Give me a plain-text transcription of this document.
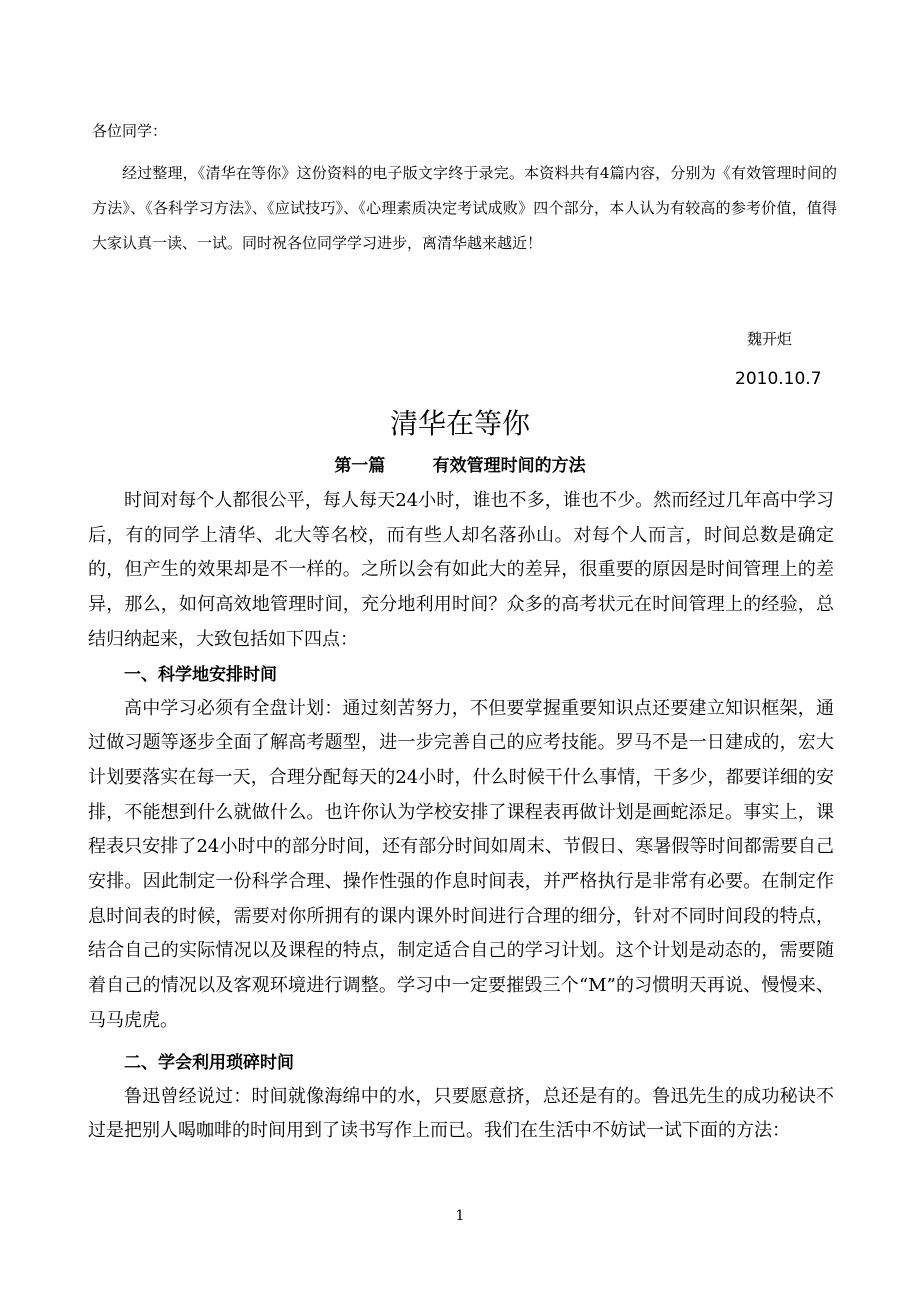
各位同学：

经过整理，《清华在等你》这份资料的电子版文字终于录完。本资料共有4篇内容，分别为《有效管理时间的方法》、《各科学习方法》、《应试技巧》、《心理素质决定考试成败》四个部分，本人认为有较高的参考价值，值得大家认真一读、一试。同时祝各位同学学习进步，离清华越来越近！

魏开炬
2010.10.7
清华在等你
第一篇        有效管理时间的方法

时间对每个人都很公平，每人每天24小时，谁也不多，谁也不少。然而经过几年高中学习后，有的同学上清华、北大等名校，而有些人却名落孙山。对每个人而言，时间总数是确定的，但产生的效果却是不一样的。之所以会有如此大的差异，很重要的原因是时间管理上的差异，那么，如何高效地管理时间，充分地利用时间？众多的高考状元在时间管理上的经验，总结归纳起来，大致包括如下四点：

一、科学地安排时间

高中学习必须有全盘计划：通过刻苦努力，不但要掌握重要知识点还要建立知识框架，通过做习题等逐步全面了解高考题型，进一步完善自己的应考技能。罗马不是一日建成的，宏大计划要落实在每一天，合理分配每天的24小时，什么时候干什么事情，干多少，都要详细的安排，不能想到什么就做什么。也许你认为学校安排了课程表再做计划是画蛇添足。事实上，课程表只安排了24小时中的部分时间，还有部分时间如周末、节假日、寒暑假等时间都需要自己安排。因此制定一份科学合理、操作性强的作息时间表，并严格执行是非常有必要。在制定作息时间表的时候，需要对你所拥有的课内课外时间进行合理的细分，针对不同时间段的特点，结合自己的实际情况以及课程的特点，制定适合自己的学习计划。这个计划是动态的，需要随着自己的情况以及客观环境进行调整。学习中一定要摧毁三个“M”的习惯明天再说、慢慢来、马马虎虎。

二、学会利用琐碎时间

鲁迅曾经说过：时间就像海绵中的水，只要愿意挤，总还是有的。鲁迅先生的成功秘诀不过是把别人喝咖啡的时间用到了读书写作上而已。我们在生活中不妨试一试下面的方法：

1
